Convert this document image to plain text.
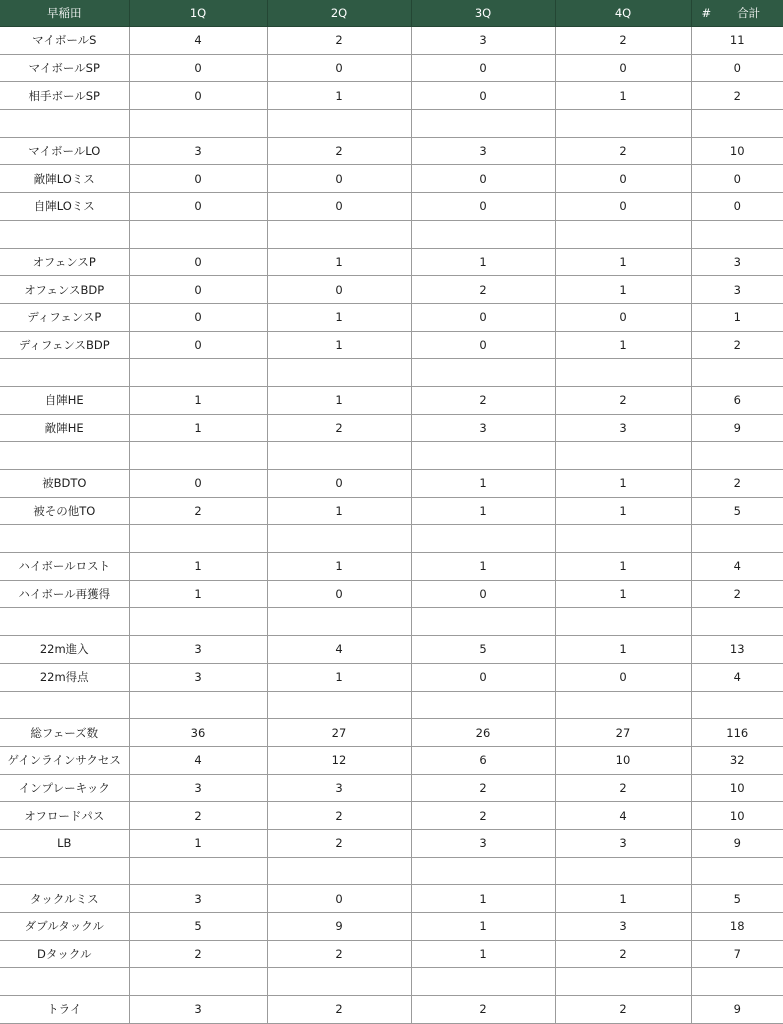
早稲田	1Q	2Q	3Q	4Q	# 合計
マイボールS	4	2	3	2	11
マイボールSP	0	0	0	0	0
相手ボールSP	0	1	0	1	2

マイボールLO	3	2	3	2	10
敵陣LOミス	0	0	0	0	0
自陣LOミス	0	0	0	0	0

オフェンスP	0	1	1	1	3
オフェンスBDP	0	0	2	1	3
ディフェンスP	0	1	0	0	1
ディフェンスBDP	0	1	0	1	2

自陣HE	1	1	2	2	6
敵陣HE	1	2	3	3	9

被BDTO	0	0	1	1	2
被その他TO	2	1	1	1	5

ハイボールロスト	1	1	1	1	4
ハイボール再獲得	1	0	0	1	2

22m進入	3	4	5	1	13
22m得点	3	1	0	0	4

総フェーズ数	36	27	26	27	116
ゲインラインサクセス	4	12	6	10	32
インプレーキック	3	3	2	2	10
オフロードパス	2	2	2	4	10
LB	1	2	3	3	9

タックルミス	3	0	1	1	5
ダブルタックル	5	9	1	3	18
Dタックル	2	2	1	2	7

トライ	3	2	2	2	9
